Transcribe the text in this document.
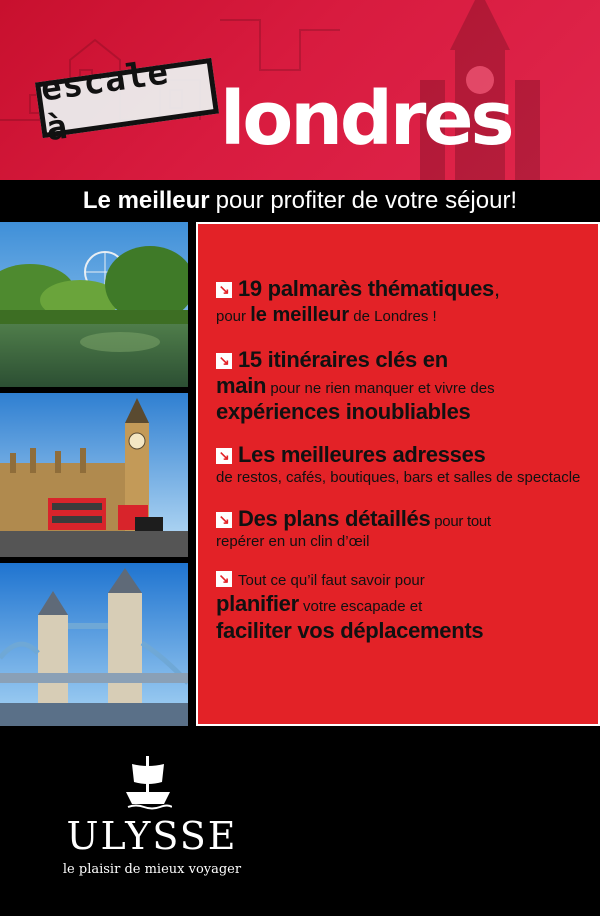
escale à	londres
Le meilleur pour profiter de votre séjour!
↘ 19 palmarès thématiques,
pour le meilleur de Londres !
↘ 15 itinéraires clés en
main pour ne rien manquer et vivre des
expériences inoubliables
↘ Les meilleures adresses
de restos, cafés, boutiques, bars et salles de spectacle
↘ Des plans détaillés pour tout
repérer en un clin d’œil
↘ Tout ce qu’il faut savoir pour
planifier votre escapade et
faciliter vos déplacements
ULYSSE
le plaisir de mieux voyager
